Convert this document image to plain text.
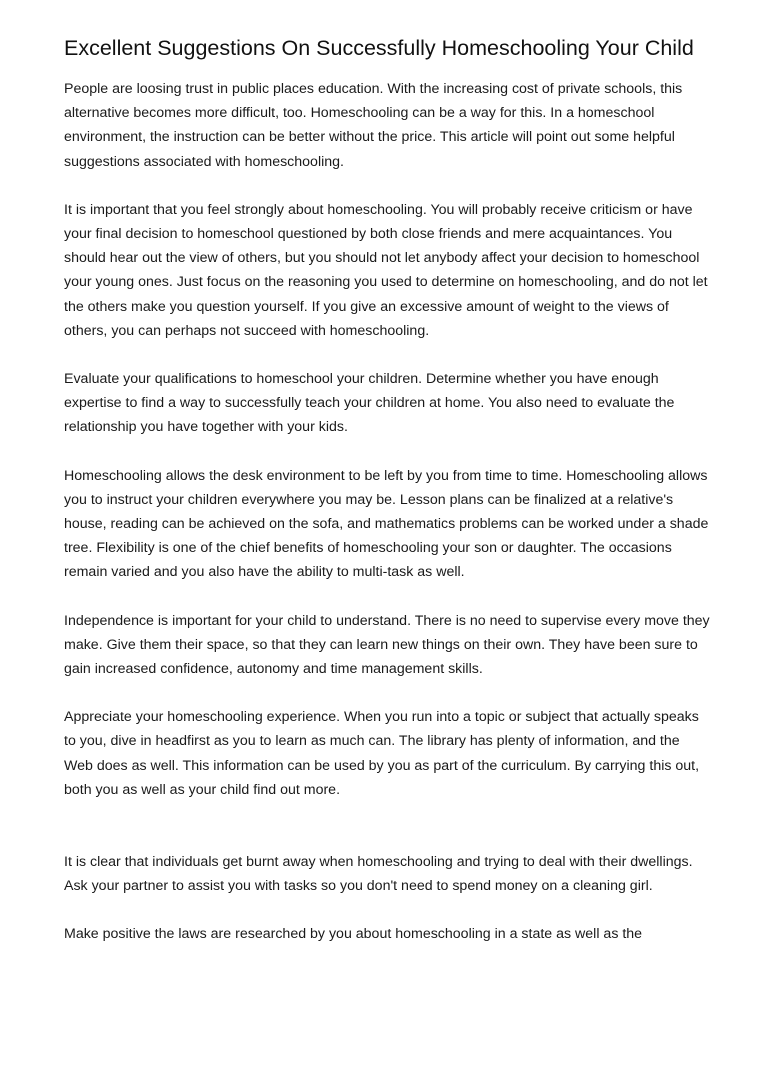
Excellent Suggestions On Successfully Homeschooling Your Child

People are loosing trust in public places education. With the increasing cost of private schools, this alternative becomes more difficult, too. Homeschooling can be a way for this. In a homeschool environment, the instruction can be better without the price. This article will point out some helpful suggestions associated with homeschooling.

It is important that you feel strongly about homeschooling. You will probably receive criticism or have your final decision to homeschool questioned by both close friends and mere acquaintances. You should hear out the view of others, but you should not let anybody affect your decision to homeschool your young ones. Just focus on the reasoning you used to determine on homeschooling, and do not let the others make you question yourself. If you give an excessive amount of weight to the views of others, you can perhaps not succeed with homeschooling.

Evaluate your qualifications to homeschool your children. Determine whether you have enough expertise to find a way to successfully teach your children at home. You also need to evaluate the relationship you have together with your kids.

Homeschooling allows the desk environment to be left by you from time to time. Homeschooling allows you to instruct your children everywhere you may be. Lesson plans can be finalized at a relative's house, reading can be achieved on the sofa, and mathematics problems can be worked under a shade tree. Flexibility is one of the chief benefits of homeschooling your son or daughter. The occasions remain varied and you also have the ability to multi-task as well.

Independence is important for your child to understand. There is no need to supervise every move they make. Give them their space, so that they can learn new things on their own. They have been sure to gain increased confidence, autonomy and time management skills.

Appreciate your homeschooling experience. When you run into a topic or subject that actually speaks to you, dive in headfirst as you to learn as much can. The library has plenty of information, and the Web does as well. This information can be used by you as part of the curriculum. By carrying this out, both you as well as your child find out more.

It is clear that individuals get burnt away when homeschooling and trying to deal with their dwellings. Ask your partner to assist you with tasks so you don't need to spend money on a cleaning girl.

Make positive the laws are researched by you about homeschooling in a state as well as the
